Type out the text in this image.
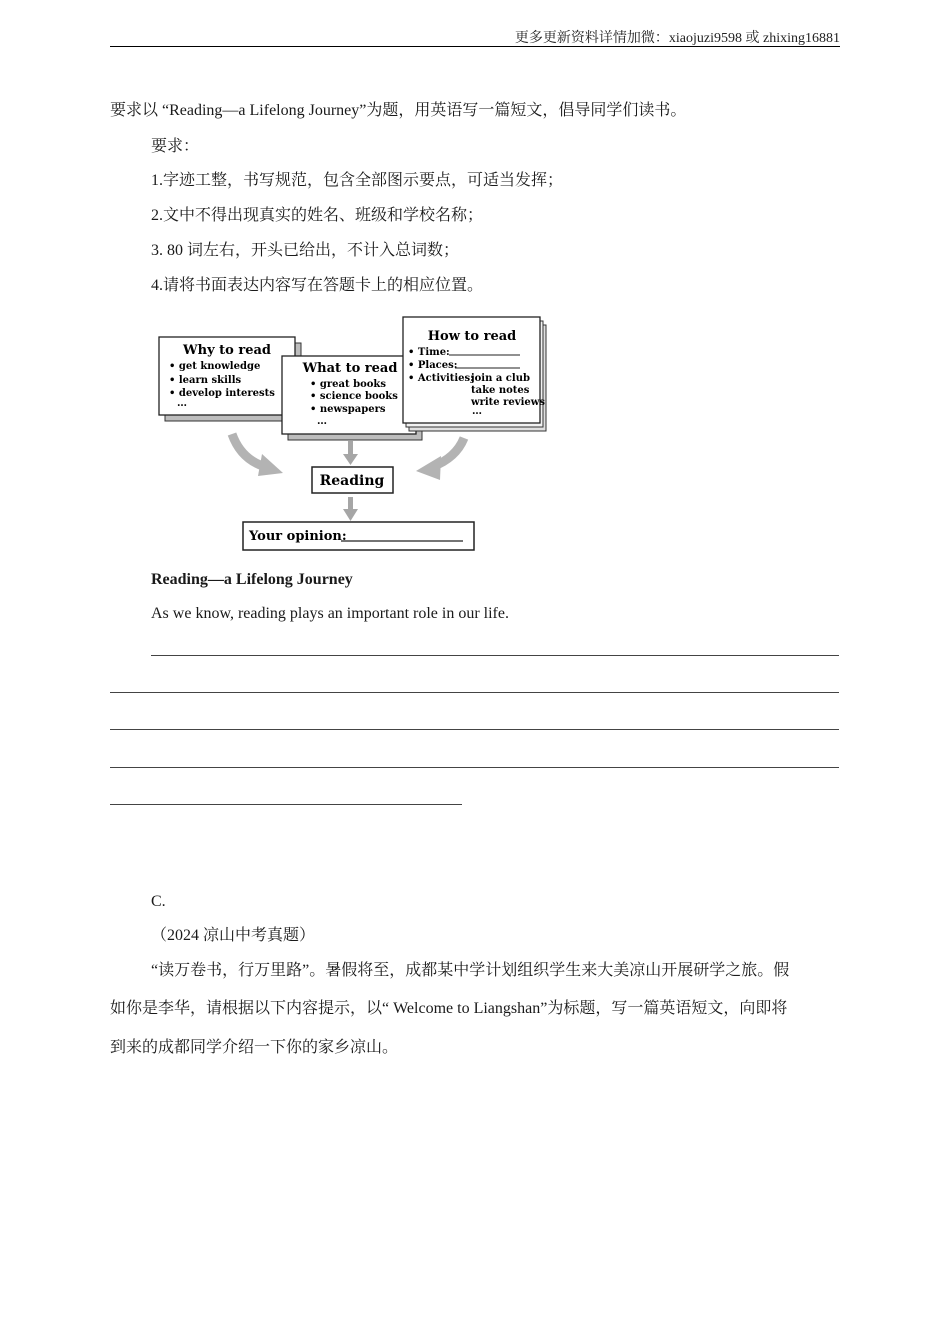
更多更新资料详情加微：xiaojuzi9598 或 zhixing16881
要求以 “Reading—a Lifelong Journey”为题，用英语写一篇短文，倡导同学们读书。
要求：
1.字迹工整，书写规范，包含全部图示要点，可适当发挥；
2.文中不得出现真实的姓名、班级和学校名称；
3. 80 词左右，开头已给出，不计入总词数；
4.请将书面表达内容写在答题卡上的相应位置。
Why to read
• get knowledge
• learn skills
• develop interests
…
What to read
• great books
• science books
• newspapers
…
How to read
• Time:
• Places:
• Activities:
join a club
take notes
write reviews
…
Reading
Your opinion:
Reading—a Lifelong Journey
As we know, reading plays an important role in our life.
C.
（2024 凉山中考真题）
“读万卷书，行万里路”。暑假将至，成都某中学计划组织学生来大美凉山开展研学之旅。假
如你是李华，请根据以下内容提示，以“ Welcome to Liangshan”为标题，写一篇英语短文，向即将
到来的成都同学介绍一下你的家乡凉山。
